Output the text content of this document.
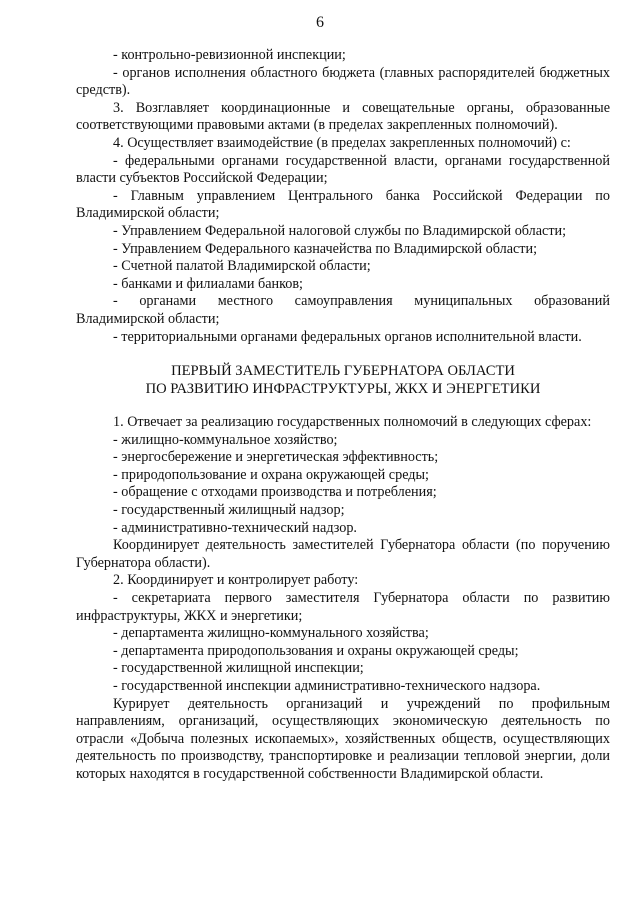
6

- контрольно-ревизионной инспекции;

- органов исполнения областного бюджета (главных распорядителей бюджетных средств).

3. Возглавляет координационные и совещательные органы, образованные соответствующими правовыми актами (в пределах закрепленных полномочий).

4. Осуществляет взаимодействие (в пределах закрепленных полномочий) с:

- федеральными органами государственной власти, органами государственной власти субъектов Российской Федерации;

- Главным управлением Центрального банка Российской Федерации по Владимирской области;

- Управлением Федеральной налоговой службы по Владимирской области;

- Управлением Федерального казначейства по Владимирской области;

- Счетной палатой Владимирской области;

- банками и филиалами банков;

- органами местного самоуправления муниципальных образований Владимирской области;

- территориальными органами федеральных органов исполнительной власти.

ПЕРВЫЙ ЗАМЕСТИТЕЛЬ ГУБЕРНАТОРА ОБЛАСТИ

ПО РАЗВИТИЮ ИНФРАСТРУКТУРЫ, ЖКХ И ЭНЕРГЕТИКИ

1. Отвечает за реализацию государственных полномочий в следующих сферах:

- жилищно-коммунальное хозяйство;

- энергосбережение и энергетическая эффективность;

- природопользование и охрана окружающей среды;

- обращение с отходами производства и потребления;

- государственный жилищный надзор;

- административно-технический надзор.

Координирует деятельность заместителей Губернатора области (по поручению Губернатора области).

2. Координирует и контролирует работу:

- секретариата первого заместителя Губернатора области по развитию инфраструктуры, ЖКХ и энергетики;

- департамента жилищно-коммунального хозяйства;

- департамента природопользования и охраны окружающей среды;

- государственной жилищной инспекции;

- государственной инспекции административно-технического надзора.

Курирует деятельность организаций и учреждений по профильным направлениям, организаций, осуществляющих экономическую деятельность по отрасли «Добыча полезных ископаемых», хозяйственных обществ, осуществляющих деятельность по производству, транспортировке и реализации тепловой энергии, доли которых находятся в государственной собственности Владимирской области.
